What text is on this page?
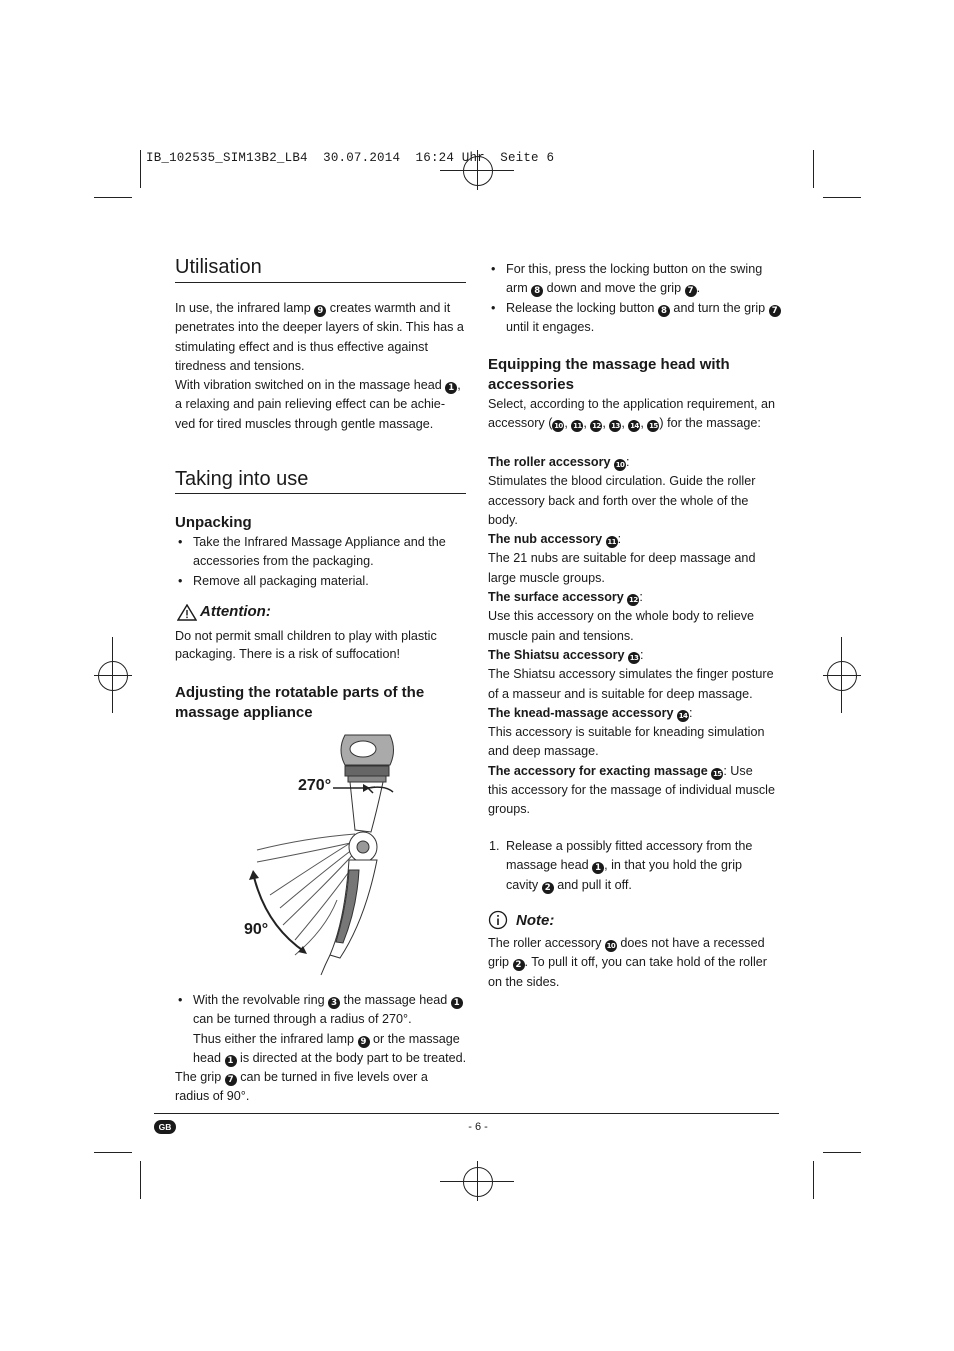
IB_102535_SIM13B2_LB4  30.07.2014  16:24 Uhr  Seite 6
Utilisation
In use, the infrared lamp 9 creates warmth and it
penetrates into the deeper layers of skin. This has a
stimulating effect and is thus effective against
tiredness and tensions.
With vibration switched on in the massage head 1 ,
a relaxing and pain relieving effect can be achie-
ved for tired muscles through gentle massage.
Taking into use
Unpacking
• Take the Infrared Massage Appliance and the
accessories from the packaging.
• Remove all packaging material.
Attention:
Do not permit small children to play with plastic
packaging. There is a risk of suffocation!
Adjusting the rotatable parts of the
massage appliance
270°
90°
• With the revolvable ring 3 the massage head 1
can be turned through a radius of 270°.
Thus either the infrared lamp 9 or the massage
head 1 is directed at the body part to be treated.
The grip 7 can be turned in five levels over a
radius of 90°.
• For this, press the locking button on the swing
arm 8 down and move the grip 7 .
• Release the locking button 8 and turn the grip 7
until it engages.
Equipping the massage head with
accessories
Select, according to the application requirement, an
accessory ( 10 , 11 , 12 , 13 , 14 , 15 ) for the massage:
The roller accessory 10 :
Stimulates the blood circulation. Guide the roller
accessory back and forth over the whole of the
body.
The nub accessory 11 :
The 21 nubs are suitable for deep massage and
large muscle groups.
The surface accessory 12 :
Use this accessory on the whole body to relieve
muscle pain and tensions.
The Shiatsu accessory 13 :
The Shiatsu accessory simulates the finger posture
of a masseur and is suitable for deep massage.
The knead-massage accessory 14 :
This accessory is suitable for kneading simulation
and deep massage.
The accessory for exacting massage 15 : Use
this accessory for the massage of individual muscle
groups.
1. Release a possibly fitted accessory from the
massage head 1 , in that you hold the grip
cavity 2 and pull it off.
Note:
The roller accessory 10 does not have a recessed
grip 2 . To pull it off, you can take hold of the roller
on the sides.
GB	- 6 -
